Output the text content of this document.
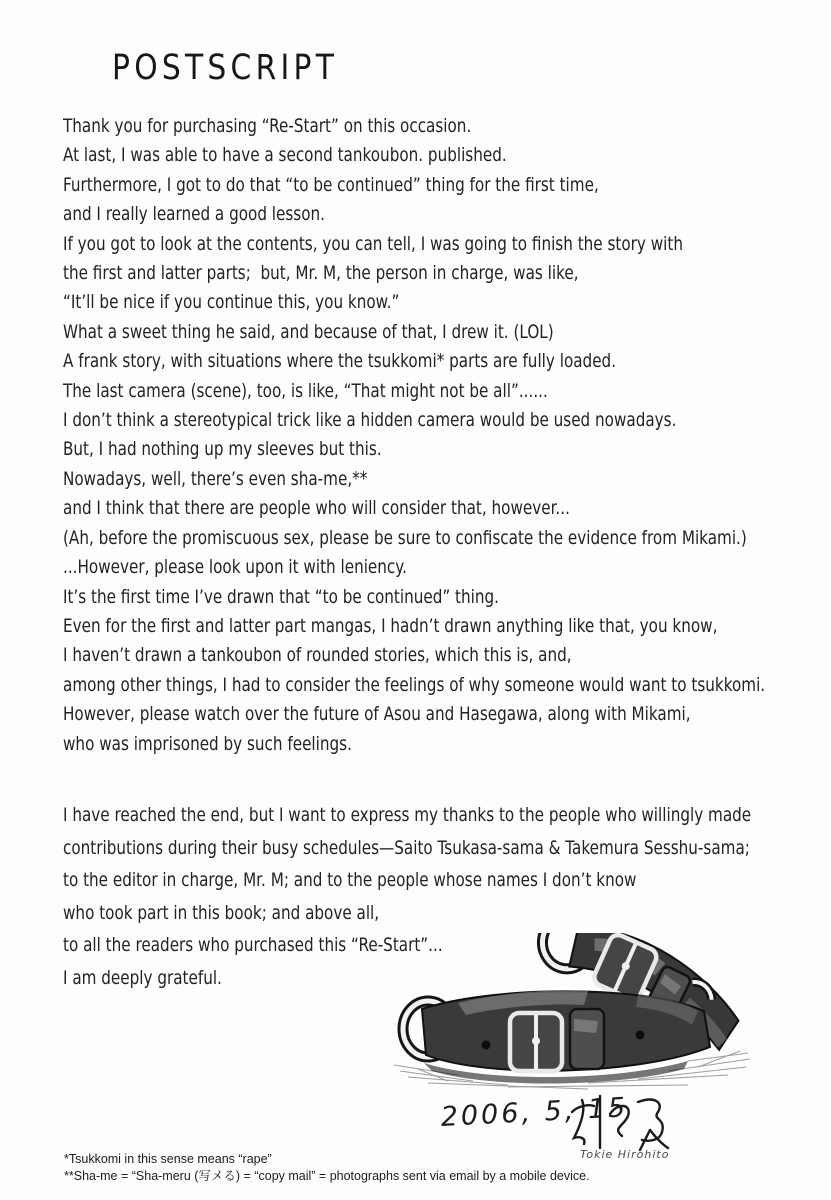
POSTSCRIPT
Thank you for purchasing “Re-Start” on this occasion.
At last, I was able to have a second tankoubon. published.
Furthermore, I got to do that “to be continued” thing for the first time,
and I really learned a good lesson.
If you got to look at the contents, you can tell, I was going to finish the story with
the first and latter parts;  but, Mr. M, the person in charge, was like,
“It’ll be nice if you continue this, you know.”
What a sweet thing he said, and because of that, I drew it. (LOL)
A frank story, with situations where the tsukkomi* parts are fully loaded.
The last camera (scene), too, is like, “That might not be all”......
I don’t think a stereotypical trick like a hidden camera would be used nowadays.
But, I had nothing up my sleeves but this.
Nowadays, well, there’s even sha-me,**
and I think that there are people who will consider that, however...
(Ah, before the promiscuous sex, please be sure to confiscate the evidence from Mikami.)
...However, please look upon it with leniency.
It’s the first time I’ve drawn that “to be continued” thing.
Even for the first and latter part mangas, I hadn’t drawn anything like that, you know,
I haven’t drawn a tankoubon of rounded stories, which this is, and,
among other things, I had to consider the feelings of why someone would want to tsukkomi.
However, please watch over the future of Asou and Hasegawa, along with Mikami,
who was imprisoned by such feelings.
I have reached the end, but I want to express my thanks to the people who willingly made
contributions during their busy schedules—Saito Tsukasa-sama & Takemura Sesshu-sama;
to the editor in charge, Mr. M; and to the people whose names I don’t know
who took part in this book; and above all,
to all the readers who purchased this “Re-Start”...
I am deeply grateful.
2006, 5, 15
Tokie Hirohito
*Tsukkomi in this sense means “rape”
**Sha-me = “Sha-meru (写メる) = “copy mail” = photographs sent via email by a mobile device.
